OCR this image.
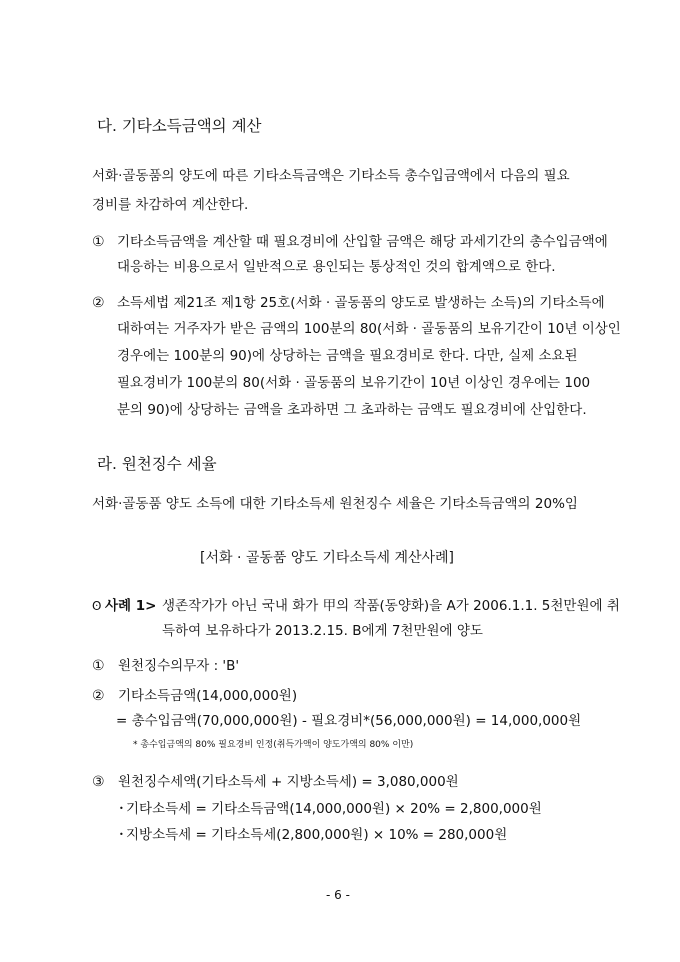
다. 기타소득금액의 계산
서화·골동품의 양도에 따른 기타소득금액은 기타소득 총수입금액에서 다음의 필요
경비를 차감하여 계산한다.
① 기타소득금액을 계산할 때 필요경비에 산입할 금액은 해당 과세기간의 총수입금액에
대응하는 비용으로서 일반적으로 용인되는 통상적인 것의 합계액으로 한다.
② 소득세법 제21조 제1항 25호(서화 · 골동품의 양도로 발생하는 소득)의 기타소득에
대하여는 거주자가 받은 금액의 100분의 80(서화 · 골동품의 보유기간이 10년 이상인
경우에는 100분의 90)에 상당하는 금액을 필요경비로 한다. 다만, 실제 소요된
필요경비가 100분의 80(서화 · 골동품의 보유기간이 10년 이상인 경우에는 100
분의 90)에 상당하는 금액을 초과하면 그 초과하는 금액도 필요경비에 산입한다.
라. 원천징수 세율
서화·골동품 양도 소득에 대한 기타소득세 원천징수 세율은 기타소득금액의 20%임
[서화 · 골동품 양도 기타소득세 계산사례]
ʘ 사례 1> 생존작가가 아닌 국내 화가 甲의 작품(동양화)을 A가 2006.1.1. 5천만원에 취
득하여 보유하다가 2013.2.15. B에게 7천만원에 양도
① 원천징수의무자 : 'B'
② 기타소득금액(14,000,000원)
= 총수입금액(70,000,000원) - 필요경비*(56,000,000원) = 14,000,000원
* 총수입금액의 80% 필요경비 인정(취득가액이 양도가액의 80% 이만)
③ 원천징수세액(기타소득세 + 지방소득세) = 3,080,000원
• 기타소득세 = 기타소득금액(14,000,000원) × 20% = 2,800,000원
• 지방소득세 = 기타소득세(2,800,000원) × 10% = 280,000원
- 6 -
